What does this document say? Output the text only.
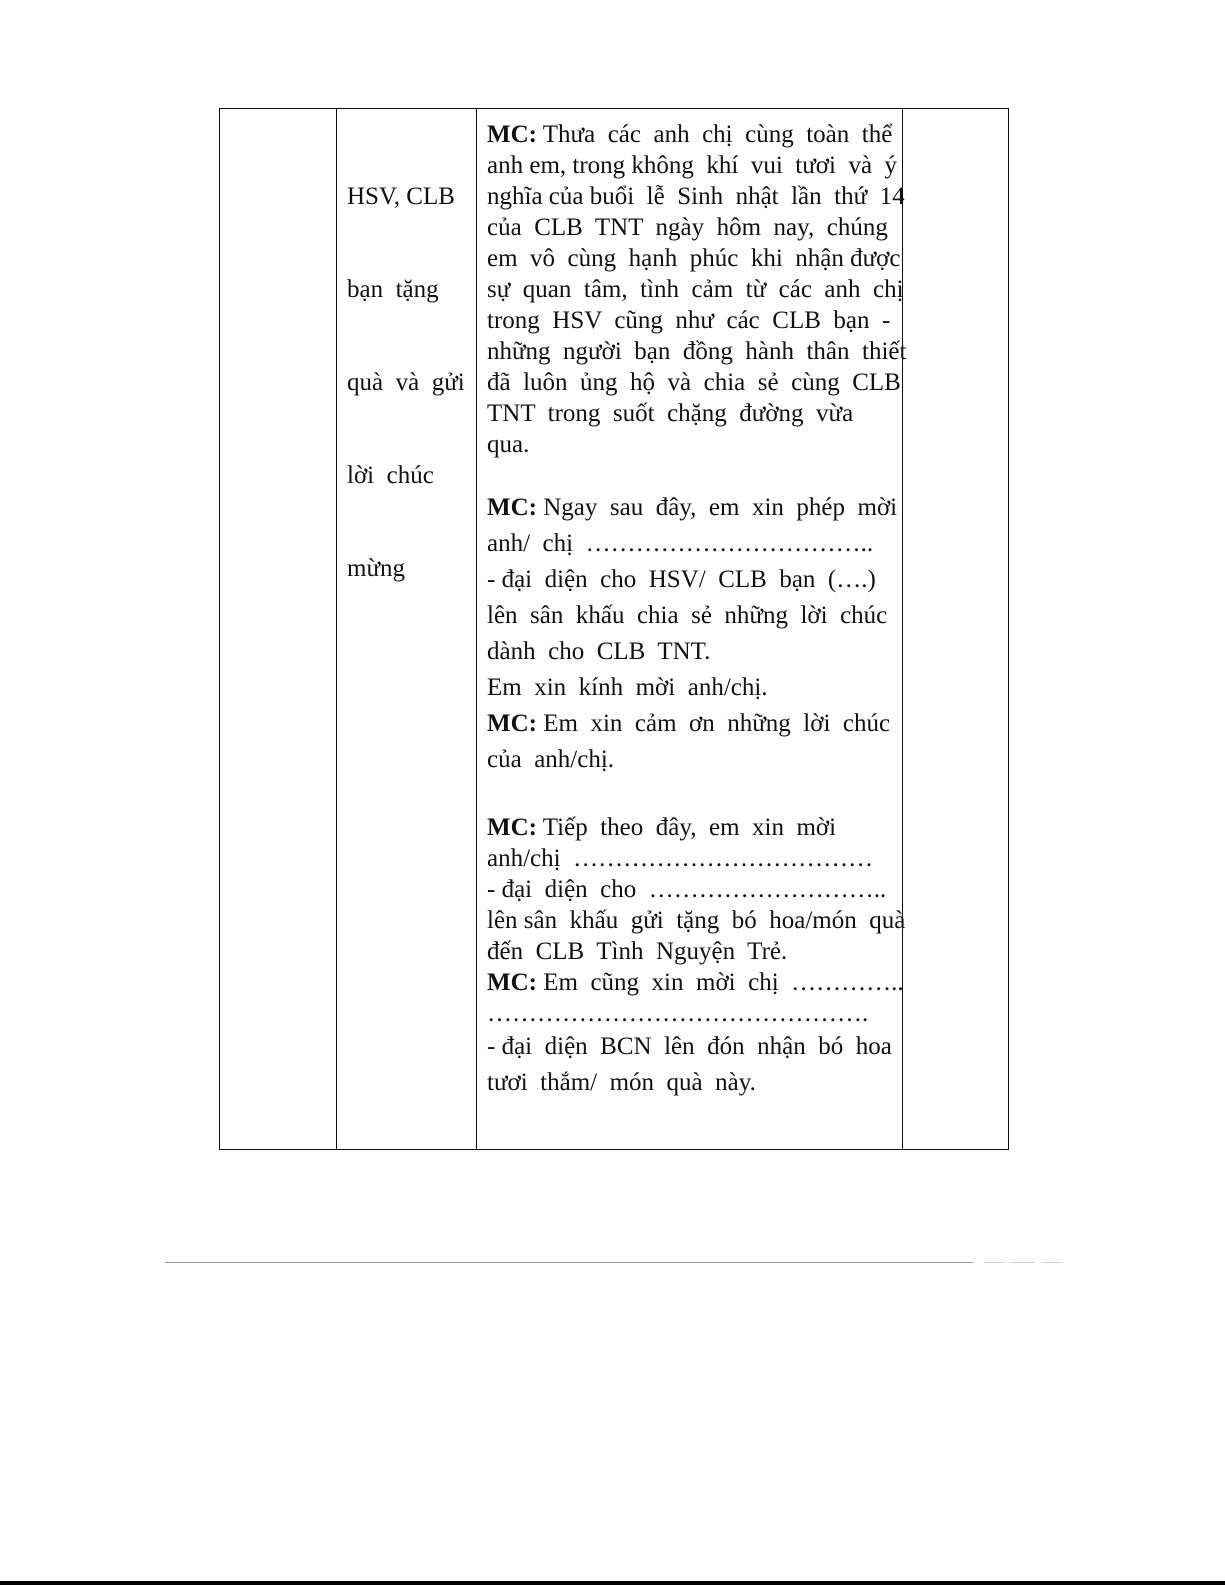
HSV, CLB

bạn  tặng

quà  và  gửi

lời  chúc

mừng

MC: Thưa  các  anh  chị  cùng  toàn  thể
anh em, trong không  khí  vui  tươi  và  ý
nghĩa của buổi  lễ  Sinh  nhật  lần  thứ  14
của  CLB  TNT  ngày  hôm  nay,  chúng
em  vô  cùng  hạnh  phúc  khi  nhận được
sự  quan  tâm,  tình  cảm  từ  các  anh  chị
trong  HSV  cũng  như  các  CLB  bạn  -
những  người  bạn  đồng  hành  thân  thiết
đã  luôn  ủng  hộ  và  chia  sẻ  cùng  CLB
TNT  trong  suốt  chặng  đường  vừa
qua.
MC: Ngay  sau  đây,  em  xin  phép  mời
anh/  chị  ……………………………..
- đại  diện  cho  HSV/  CLB  bạn  (….)
lên  sân  khấu  chia  sẻ  những  lời  chúc
dành  cho  CLB  TNT.
Em  xin  kính  mời  anh/chị.
MC: Em  xin  cảm  ơn  những  lời  chúc
của  anh/chị.
MC: Tiếp  theo  đây,  em  xin  mời
anh/chị  ………………………………
- đại  diện  cho  ………………………..
lên sân  khấu  gửi  tặng  bó  hoa/món  quà
đến  CLB  Tình  Nguyện  Trẻ.
MC: Em  cũng  xin  mời  chị  …………..
……………………………………….
- đại  diện  BCN  lên  đón  nhận  bó  hoa
tươi  thắm/  món  quà  này.
